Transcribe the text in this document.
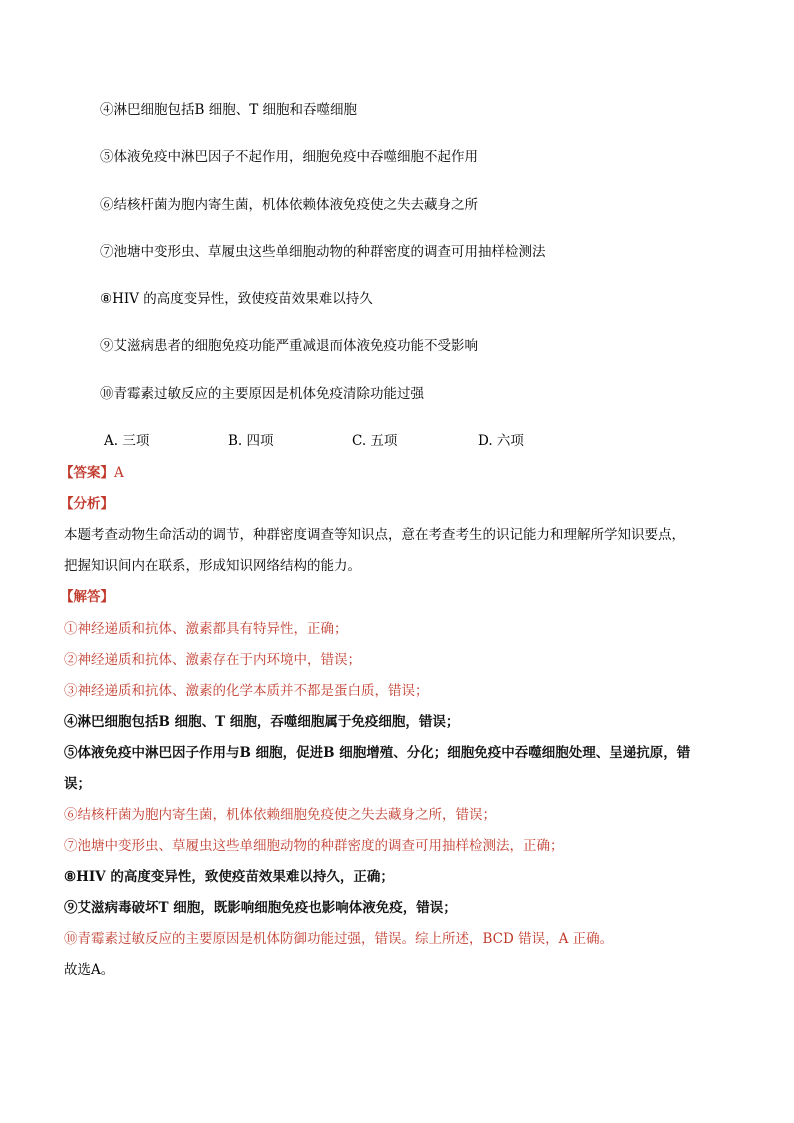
④淋巴细胞包括B 细胞、T 细胞和吞噬细胞
⑤体液免疫中淋巴因子不起作用，细胞免疫中吞噬细胞不起作用
⑥结核杆菌为胞内寄生菌，机体依赖体液免疫使之失去藏身之所
⑦池塘中变形虫、草履虫这些单细胞动物的种群密度的调查可用抽样检测法
⑧HIV 的高度变异性，致使疫苗效果难以持久
⑨艾滋病患者的细胞免疫功能严重减退而体液免疫功能不受影响
⑩青霉素过敏反应的主要原因是机体免疫清除功能过强
A. 三项	B. 四项	C. 五项	D. 六项
【答案】A
【分析】
本题考查动物生命活动的调节，种群密度调查等知识点，意在考查考生的识记能力和理解所学知识要点，
把握知识间内在联系，形成知识网络结构的能力。
【解答】
①神经递质和抗体、激素都具有特异性，正确；
②神经递质和抗体、激素存在于内环境中，错误；
③神经递质和抗体、激素的化学本质并不都是蛋白质，错误；
④淋巴细胞包括B 细胞、T 细胞，吞噬细胞属于免疫细胞，错误；
⑤体液免疫中淋巴因子作用与B 细胞，促进B 细胞增殖、分化；细胞免疫中吞噬细胞处理、呈递抗原，错
误；
⑥结核杆菌为胞内寄生菌，机体依赖细胞免疫使之失去藏身之所，错误；
⑦池塘中变形虫、草履虫这些单细胞动物的种群密度的调查可用抽样检测法，正确；
⑧HIV 的高度变异性，致使疫苗效果难以持久，正确；
⑨艾滋病毒破坏T 细胞，既影响细胞免疫也影响体液免疫，错误；
⑩青霉素过敏反应的主要原因是机体防御功能过强，错误。综上所述，BCD 错误，A 正确。
故选A。
